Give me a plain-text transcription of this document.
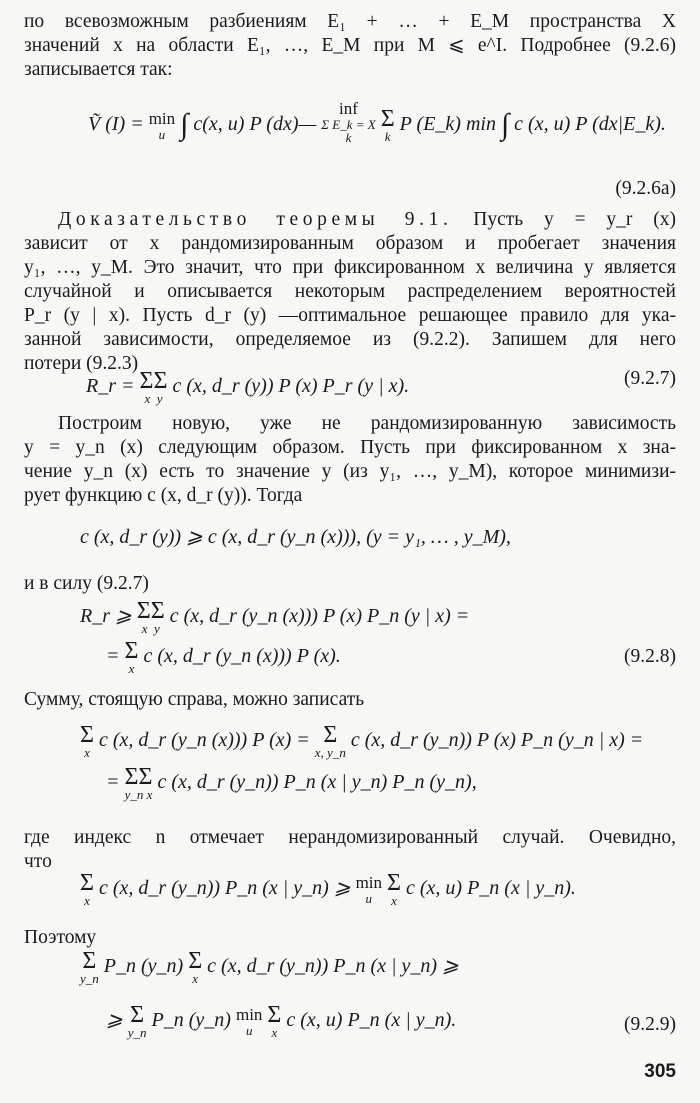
по всевозможным разбиениям E₁ + … + E_M пространства X
значений x на области E₁, …, E_M при M ⩽ e^I. Подробнее (9.2.6)
записывается так:
Ṽ (I) = min
u ∫ c(x, u) P (dx)—
inf
Σ E_k = X
k

Σ
k
P (E_k) min ∫ c (x, u) P (dx|E_k).
(9.2.6a)
Доказательство теоремы 9.1. Пусть y = y_r (x)
зависит от x рандомизированным образом и пробегает значения
y₁, …, y_M. Это значит, что при фиксированном x величина y является
случайной и описывается некоторым распределением вероятностей
P_r (y | x). Пусть d_r (y) —оптимальное решающее правило для ука-
занной зависимости, определяемое из (9.2.2). Запишем для него
потери (9.2.3)
R_r = ΣΣ
x  y
c (x, d_r (y)) P (x) P_r (y | x).	(9.2.7)
Построим новую, уже не рандомизированную зависимость
y = y_n (x) следующим образом. Пусть при фиксированном x зна-
чение y_n (x) есть то значение y (из y₁, …, y_M), которое минимизи-
рует функцию c (x, d_r (y)). Тогда
c (x, d_r (y)) ⩾ c (x, d_r (y_n (x))), (y = y₁, … , y_M),
и в силу (9.2.7)
R_r ⩾ ΣΣ
x  y
c (x, d_r (y_n (x))) P (x) P_n (y | x) =
= Σ
x
c (x, d_r (y_n (x))) P (x).	(9.2.8)
Сумму, стоящую справа, можно записать
Σ
x
c (x, d_r (y_n (x))) P (x) = Σ
x, y_n
c (x, d_r (y_n)) P (x) P_n (y_n | x) =
= ΣΣ
y_n x
c (x, d_r (y_n)) P_n (x | y_n) P_n (y_n),
где индекс n отмечает нерандомизированный случай. Очевидно,
что
Σ
x
c (x, d_r (y_n)) P_n (x | y_n) ⩾ min
u

Σ
x
c (x, u) P_n (x | y_n).
Поэтому
Σ
y_n
P_n (y_n) Σ
x
c (x, d_r (y_n)) P_n (x | y_n) ⩾
⩾ Σ
y_n
P_n (y_n) min
u

Σ
x
c (x, u) P_n (x | y_n).	(9.2.9)
305
